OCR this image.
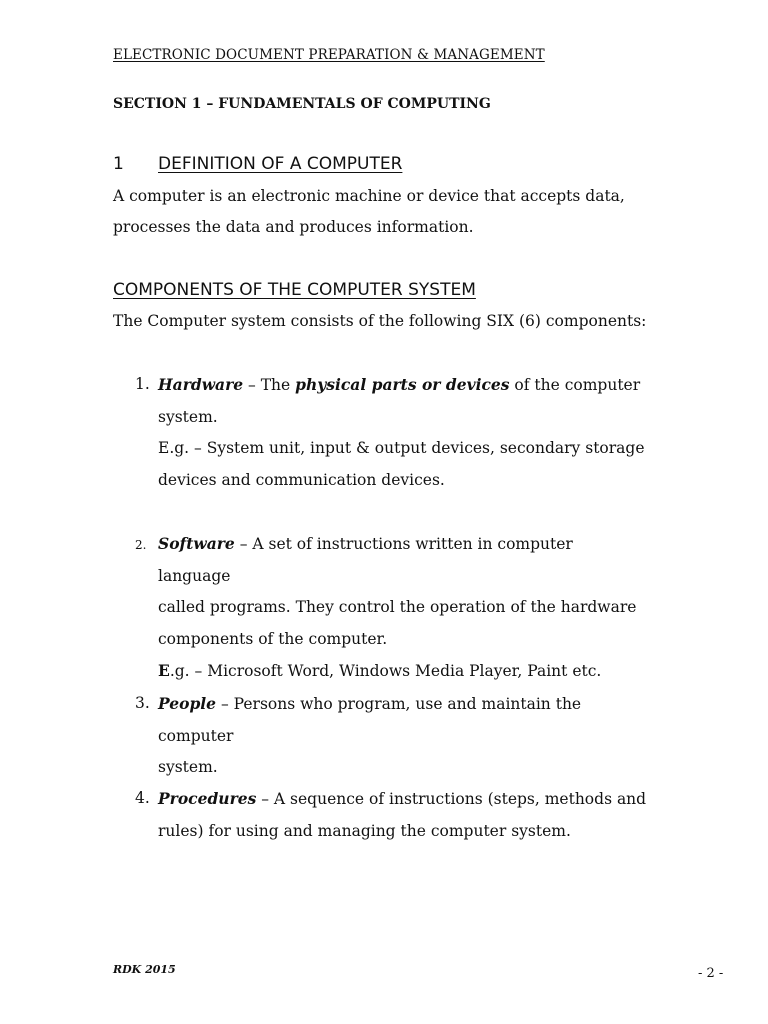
ELECTRONIC DOCUMENT PREPARATION & MANAGEMENT
SECTION 1 – FUNDAMENTALS OF COMPUTING
1 DEFINITION OF A COMPUTER
A computer is an electronic machine or device that accepts data,
processes the data and produces information.
COMPONENTS OF THE COMPUTER SYSTEM
The Computer system consists of the following SIX (6) components:
1. Hardware – The physical parts or devices of the computer
system.
E.g. – System unit, input & output devices, secondary storage
devices and communication devices.
2. Software – A set of instructions written in computer language
called programs. They control the operation of the hardware
components of the computer.
E.g. – Microsoft Word, Windows Media Player, Paint etc.
3. People – Persons who program, use and maintain the computer
system.
4. Procedures – A sequence of instructions (steps, methods and
rules) for using and managing the computer system.
RDK 2015	- 2 -
